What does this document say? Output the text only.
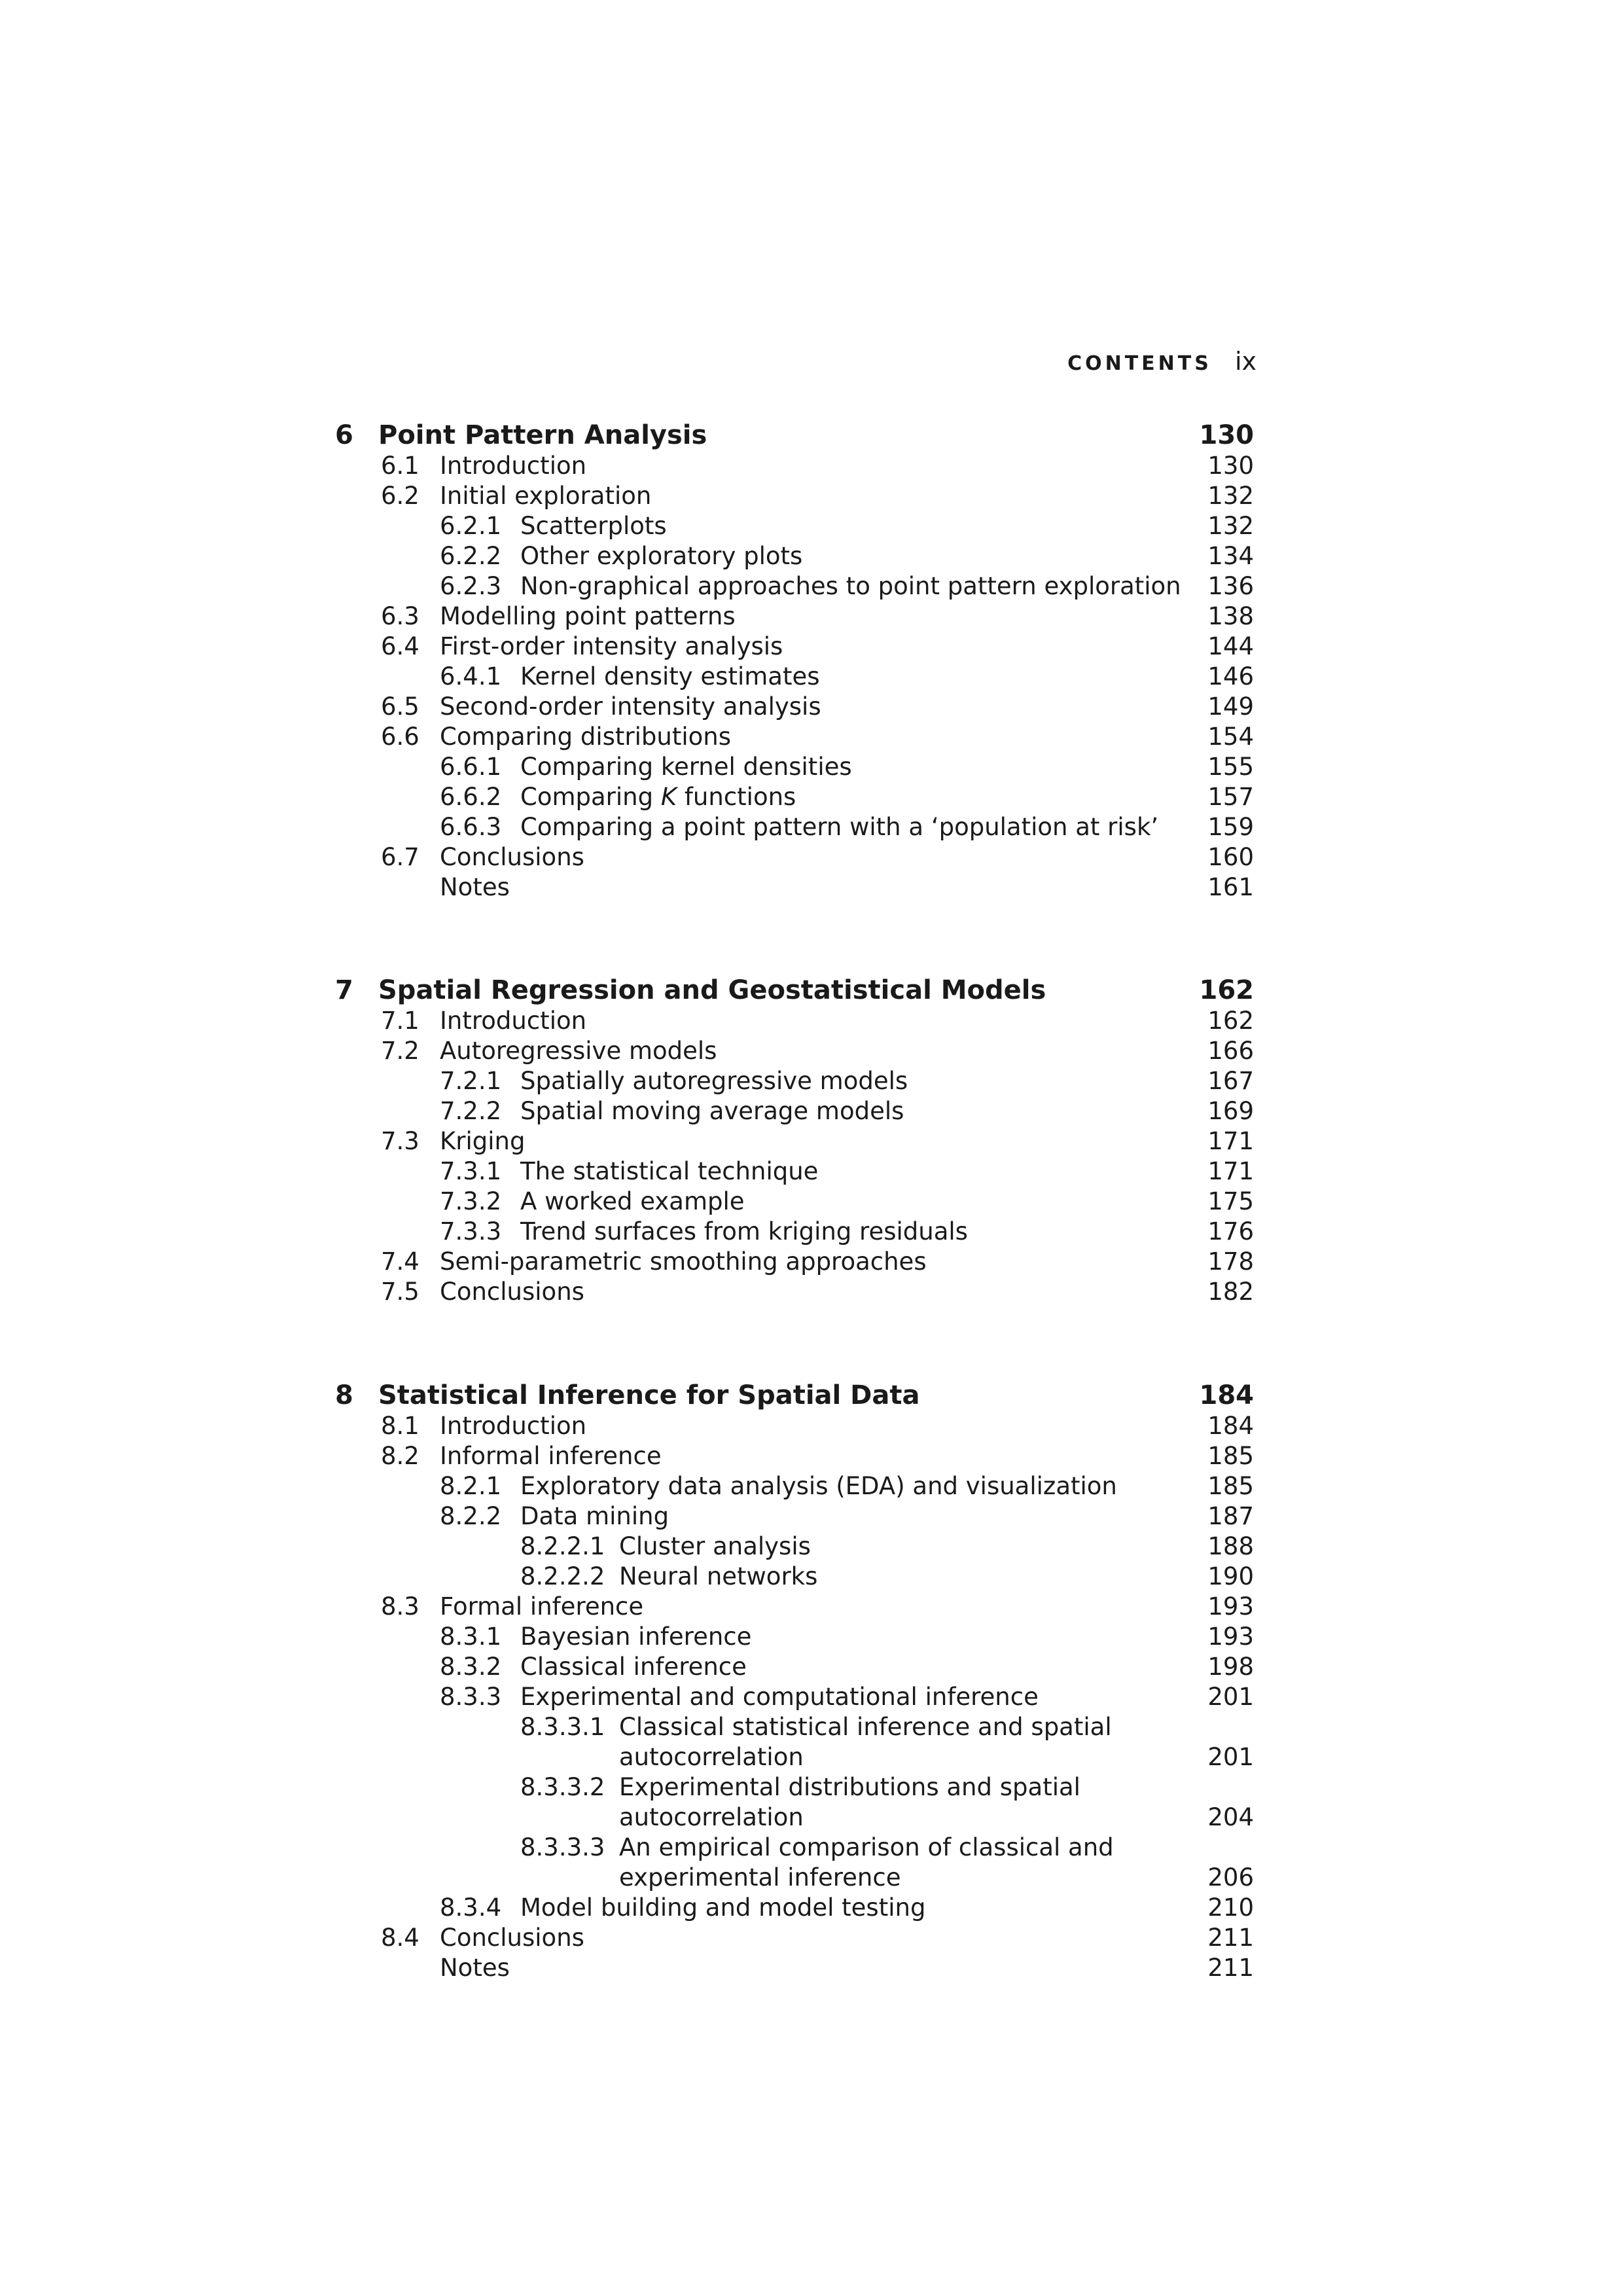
CONTENTS ix
6 Point Pattern Analysis	130
6.1 Introduction	130
6.2 Initial exploration	132
6.2.1 Scatterplots	132
6.2.2 Other exploratory plots	134
6.2.3 Non-graphical approaches to point pattern exploration 136
6.3 Modelling point patterns	138
6.4 First-order intensity analysis	144
6.4.1 Kernel density estimates	146
6.5 Second-order intensity analysis	149
6.6 Comparing distributions	154
6.6.1 Comparing kernel densities	155
6.6.2 Comparing K functions	157
6.6.3 Comparing a point pattern with a ‘population at risk’ 159
6.7 Conclusions	160
Notes	161
7 Spatial Regression and Geostatistical Models	162
7.1 Introduction	162
7.2 Autoregressive models	166
7.2.1 Spatially autoregressive models	167
7.2.2 Spatial moving average models	169
7.3 Kriging	171
7.3.1 The statistical technique	171
7.3.2 A worked example	175
7.3.3 Trend surfaces from kriging residuals	176
7.4 Semi-parametric smoothing approaches	178
7.5 Conclusions	182
8 Statistical Inference for Spatial Data	184
8.1 Introduction	184
8.2 Informal inference	185
8.2.1 Exploratory data analysis (EDA) and visualization	185
8.2.2 Data mining	187
8.2.2.1 Cluster analysis	188
8.2.2.2 Neural networks	190
8.3 Formal inference	193
8.3.1 Bayesian inference	193
8.3.2 Classical inference	198
8.3.3 Experimental and computational inference	201
8.3.3.1 Classical statistical inference and spatial
autocorrelation	201
8.3.3.2 Experimental distributions and spatial
autocorrelation	204
8.3.3.3 An empirical comparison of classical and
experimental inference	206
8.3.4 Model building and model testing	210
8.4 Conclusions	211
Notes	211
